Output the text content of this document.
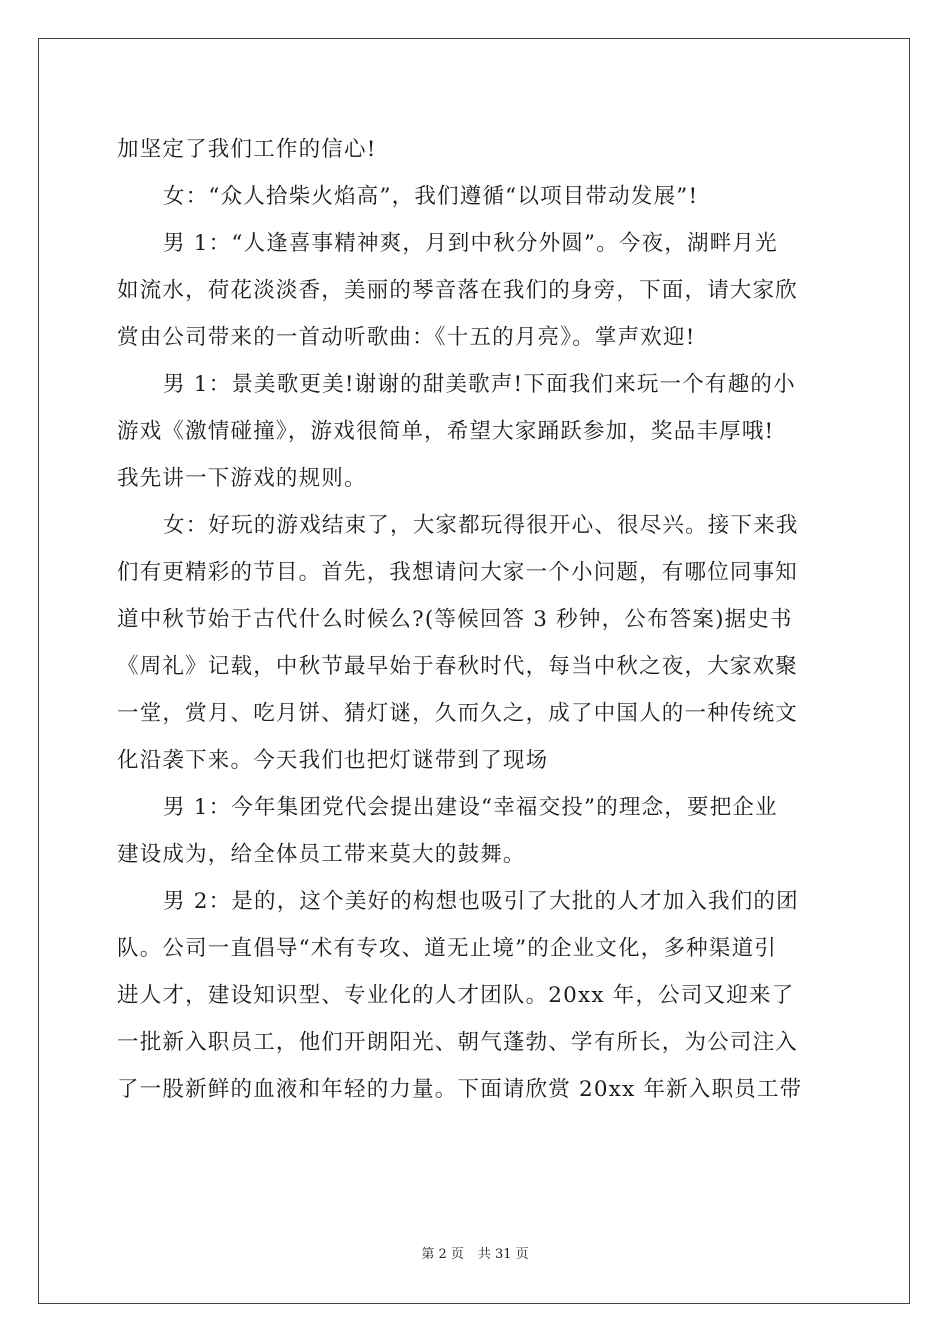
加坚定了我们工作的信心!
女：“众人拾柴火焰高”，我们遵循“以项目带动发展”!
男 1：“人逢喜事精神爽，月到中秋分外圆”。今夜，湖畔月光
如流水，荷花淡淡香，美丽的琴音落在我们的身旁，下面，请大家欣
赏由公司带来的一首动听歌曲：《十五的月亮》。掌声欢迎!
男 1：景美歌更美!谢谢的甜美歌声!下面我们来玩一个有趣的小
游戏《激情碰撞》，游戏很简单，希望大家踊跃参加，奖品丰厚哦!
我先讲一下游戏的规则。
女：好玩的游戏结束了，大家都玩得很开心、很尽兴。接下来我
们有更精彩的节目。首先，我想请问大家一个小问题，有哪位同事知
道中秋节始于古代什么时候么?(等候回答 3 秒钟，公布答案)据史书
《周礼》记载，中秋节最早始于春秋时代，每当中秋之夜，大家欢聚
一堂，赏月、吃月饼、猜灯谜，久而久之，成了中国人的一种传统文
化沿袭下来。今天我们也把灯谜带到了现场
男 1：今年集团党代会提出建设“幸福交投”的理念，要把企业
建设成为，给全体员工带来莫大的鼓舞。
男 2：是的，这个美好的构想也吸引了大批的人才加入我们的团
队。公司一直倡导“术有专攻、道无止境”的企业文化，多种渠道引
进人才，建设知识型、专业化的人才团队。20xx 年，公司又迎来了
一批新入职员工，他们开朗阳光、朝气蓬勃、学有所长，为公司注入
了一股新鲜的血液和年轻的力量。下面请欣赏 20xx 年新入职员工带
第 2 页 共 31 页
